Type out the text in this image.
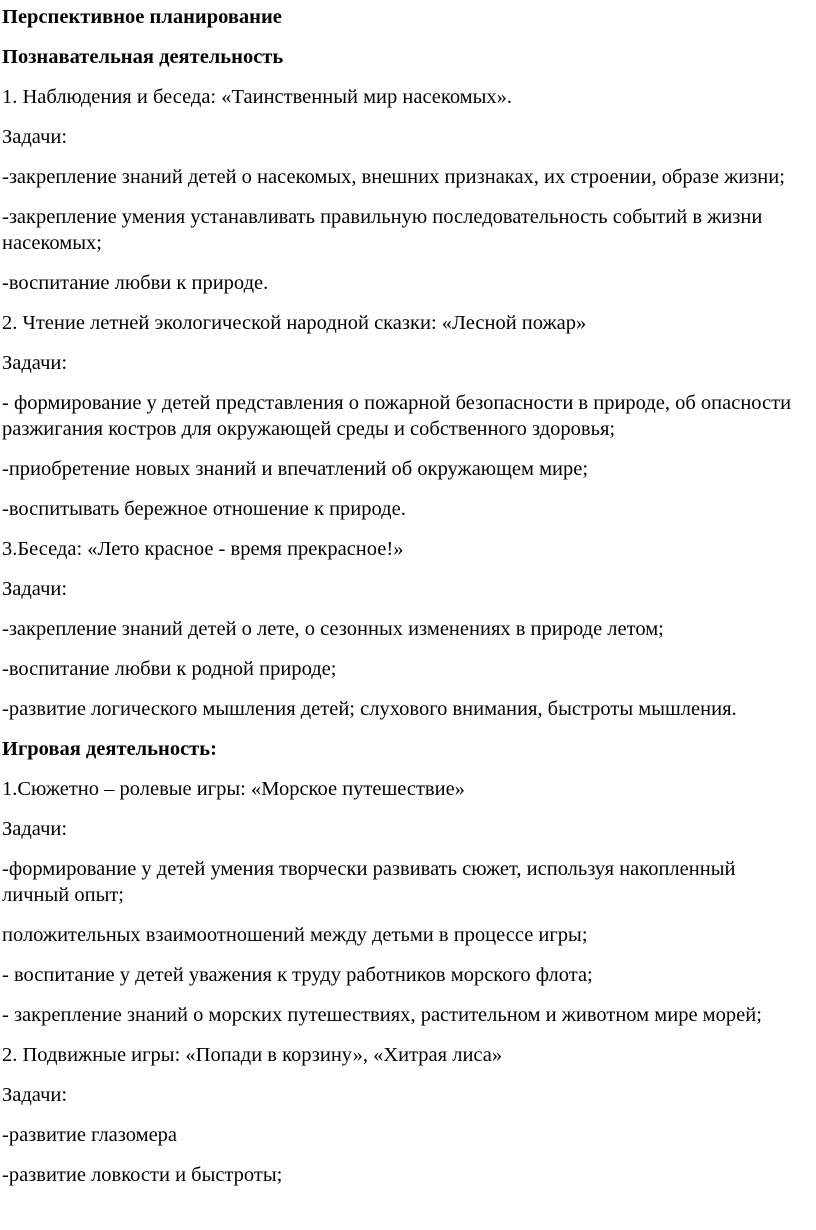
Перспективное планирование

Познавательная деятельность

1. Наблюдения и беседа: «Таинственный мир насекомых».

Задачи:

-закрепление знаний детей о насекомых, внешних признаках, их строении, образе жизни;

-закрепление умения устанавливать правильную последовательность событий в жизни насекомых;

-воспитание любви к природе.

2. Чтение летней экологической народной сказки: «Лесной пожар»

Задачи:

- формирование у детей представления о пожарной безопасности в природе, об опасности разжигания костров для окружающей среды и собственного здоровья;

-приобретение новых знаний и впечатлений об окружающем мире;

-воспитывать бережное отношение к природе.

3.Беседа: «Лето красное - время прекрасное!»

Задачи:

-закрепление знаний детей о лете, о сезонных изменениях в природе летом;

-воспитание любви к родной природе;

-развитие логического мышления детей; слухового внимания, быстроты мышления.

Игровая деятельность:

1.Сюжетно – ролевые игры: «Морское путешествие»

Задачи:

-формирование у детей умения творчески развивать сюжет, используя накопленный личный опыт;

положительных взаимоотношений между детьми в процессе игры;

- воспитание у детей уважения к труду работников морского флота;

- закрепление знаний о морских путешествиях, растительном и животном мире морей;

2. Подвижные игры: «Попади в корзину», «Хитрая лиса»

Задачи:

-развитие глазомера

-развитие ловкости и быстроты;
